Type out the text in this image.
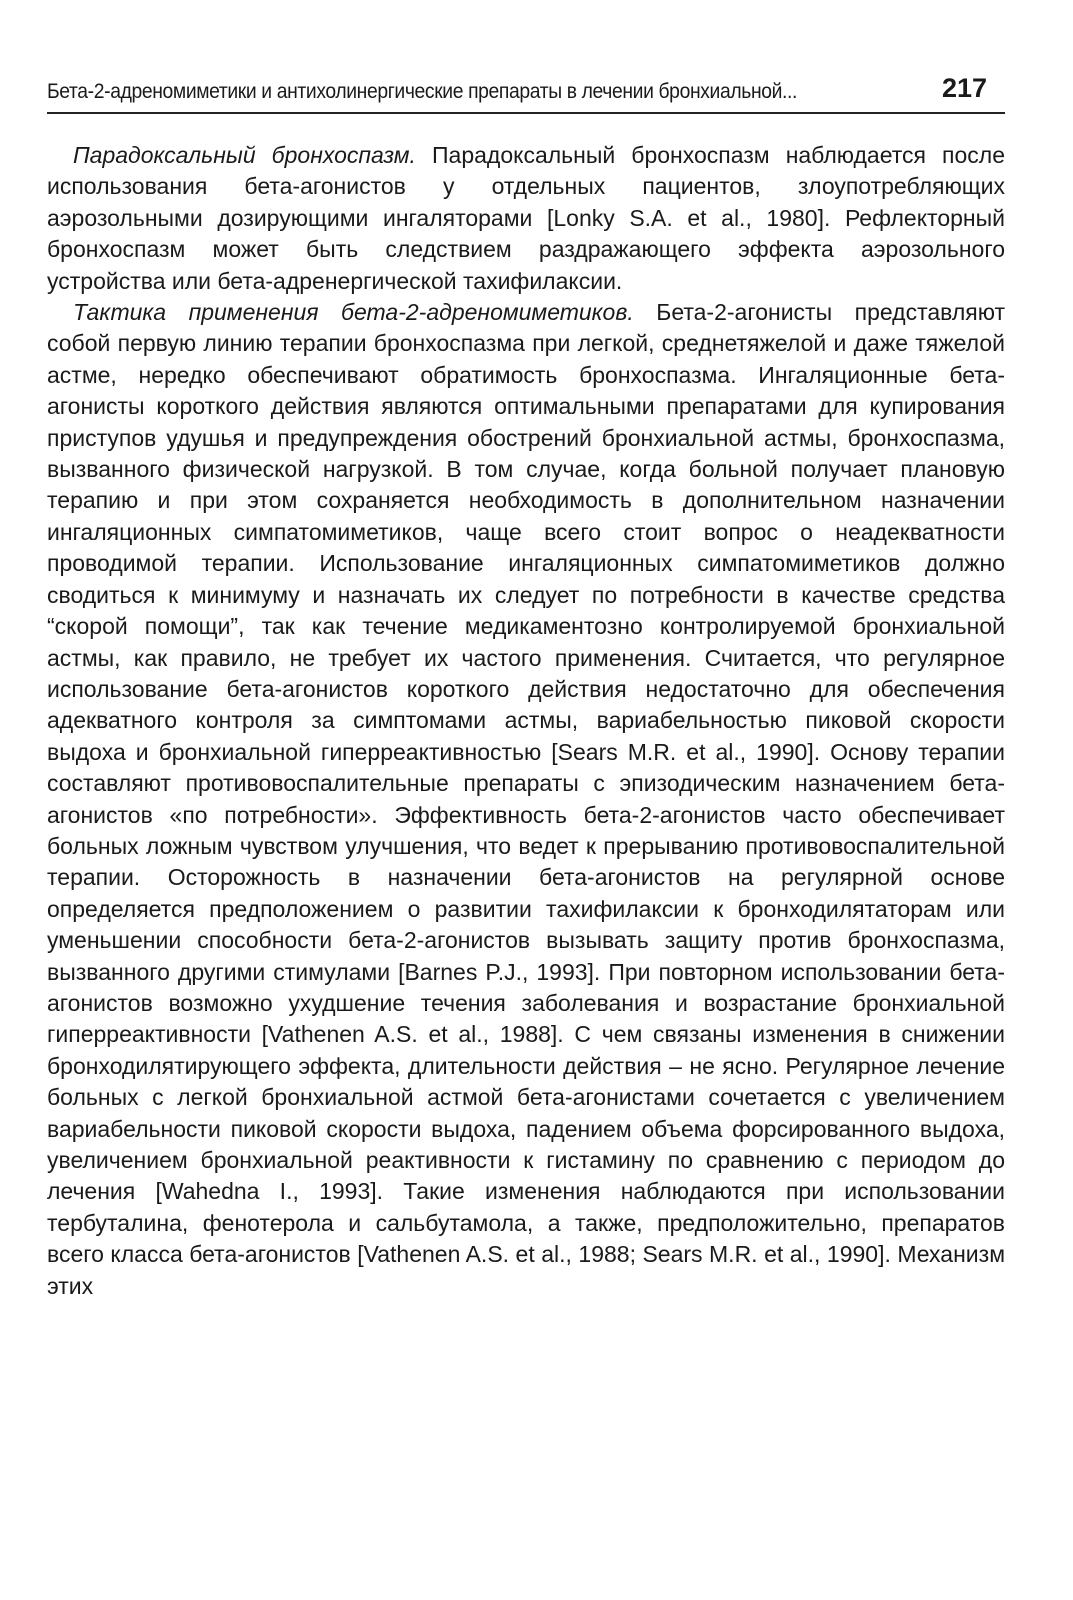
Бета-2-адреномиметики и антихолинергические препараты в лечении бронхиальной...	217

Парадоксальный бронхоспазм. Парадоксальный бронхоспазм наблюдается после использования бета-агонистов у отдельных пациентов, злоупотребляющих аэрозольными дозирующими ингаляторами [Lonky S.A. et al., 1980]. Рефлекторный бронхоспазм может быть следствием раздражающего эффекта аэрозольного устройства или бета-адренергической тахифилаксии.

Тактика применения бета-2-адреномиметиков. Бета-2-агонисты представляют собой первую линию терапии бронхоспазма при легкой, среднетяжелой и даже тяжелой астме, нередко обеспечивают обратимость бронхоспазма. Ингаляционные бета-агонисты короткого действия являются оптимальными препаратами для купирования приступов удушья и предупреждения обострений бронхиальной астмы, бронхоспазма, вызванного физической нагрузкой. В том случае, когда больной получает плановую терапию и при этом сохраняется необходимость в дополнительном назначении ингаляционных симпатомиметиков, чаще всего стоит вопрос о неадекватности проводимой терапии. Использование ингаляционных симпатомиметиков должно сводиться к минимуму и назначать их следует по потребности в качестве средства “скорой помощи”, так как течение медикаментозно контролируемой бронхиальной астмы, как правило, не требует их частого применения. Считается, что регулярное использование бета-агонистов короткого действия недостаточно для обеспечения адекватного контроля за симптомами астмы, вариабельностью пиковой скорости выдоха и бронхиальной гиперреактивностью [Sears M.R. et al., 1990]. Основу терапии составляют противовоспалительные препараты с эпизодическим назначением бета-агонистов «по потребности». Эффективность бета-2-агонистов часто обеспечивает больных ложным чувством улучшения, что ведет к прерыванию противовоспалительной терапии. Осторожность в назначении бета-агонистов на регулярной основе определяется предположением о развитии тахифилаксии к бронходилятаторам или уменьшении способности бета-2-агонистов вызывать защиту против бронхоспазма, вызванного другими стимулами [Barnes P.J., 1993]. При повторном использовании бета-агонистов возможно ухудшение течения заболевания и возрастание бронхиальной гиперреактивности [Vathenen A.S. et al., 1988]. С чем связаны изменения в снижении бронходилятирующего эффекта, длительности действия – не ясно. Регулярное лечение больных с легкой бронхиальной астмой бета-агонистами сочетается с увеличением вариабельности пиковой скорости выдоха, падением объема форсированного выдоха, увеличением бронхиальной реактивности к гистамину по сравнению с периодом до лечения [Wahedna I., 1993]. Такие изменения наблюдаются при использовании тербуталина, фенотерола и сальбутамола, а также, предположительно, препаратов всего класса бета-агонистов [Vathenen A.S. et al., 1988; Sears M.R. et al., 1990]. Механизм этих
